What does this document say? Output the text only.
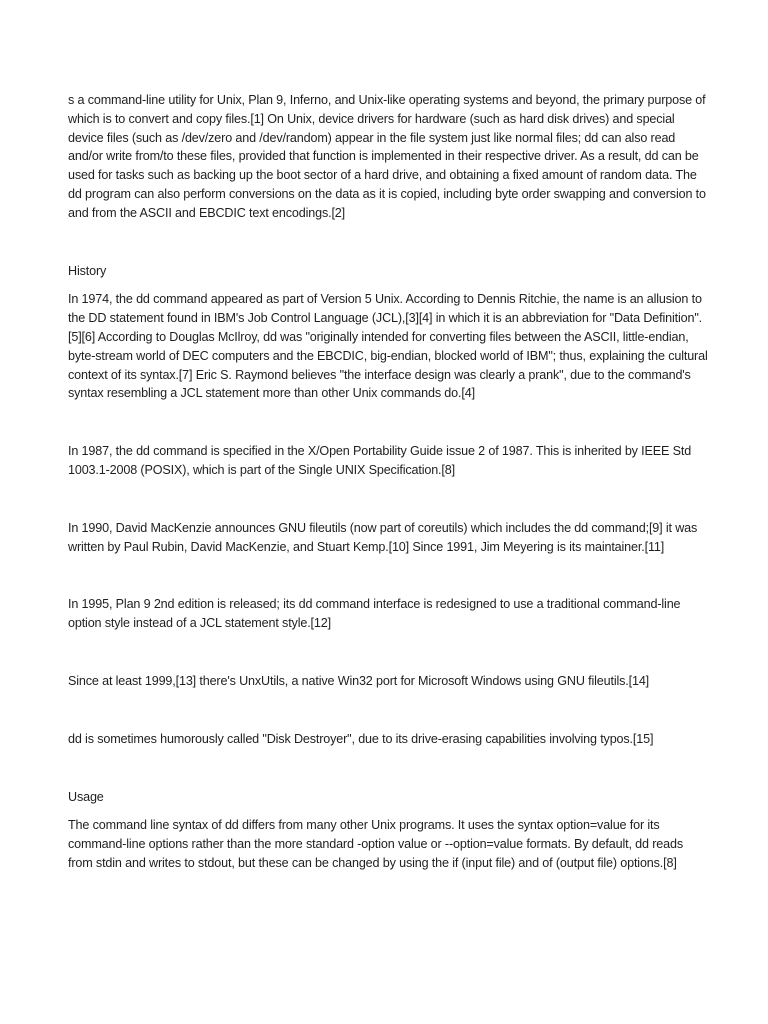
s a command-line utility for Unix, Plan 9, Inferno, and Unix-like operating systems and beyond, the primary purpose of which is to convert and copy files.[1] On Unix, device drivers for hardware (such as hard disk drives) and special device files (such as /dev/zero and /dev/random) appear in the file system just like normal files; dd can also read and/or write from/to these files, provided that function is implemented in their respective driver. As a result, dd can be used for tasks such as backing up the boot sector of a hard drive, and obtaining a fixed amount of random data. The dd program can also perform conversions on the data as it is copied, including byte order swapping and conversion to and from the ASCII and EBCDIC text encodings.[2]

History

In 1974, the dd command appeared as part of Version 5 Unix. According to Dennis Ritchie, the name is an allusion to the DD statement found in IBM's Job Control Language (JCL),[3][4] in which it is an abbreviation for "Data Definition".[5][6] According to Douglas McIlroy, dd was "originally intended for converting files between the ASCII, little-endian, byte-stream world of DEC computers and the EBCDIC, big-endian, blocked world of IBM"; thus, explaining the cultural context of its syntax.[7] Eric S. Raymond believes "the interface design was clearly a prank", due to the command's syntax resembling a JCL statement more than other Unix commands do.[4]

In 1987, the dd command is specified in the X/Open Portability Guide issue 2 of 1987. This is inherited by IEEE Std 1003.1-2008 (POSIX), which is part of the Single UNIX Specification.[8]

In 1990, David MacKenzie announces GNU fileutils (now part of coreutils) which includes the dd command;[9] it was written by Paul Rubin, David MacKenzie, and Stuart Kemp.[10] Since 1991, Jim Meyering is its maintainer.[11]

In 1995, Plan 9 2nd edition is released; its dd command interface is redesigned to use a traditional command-line option style instead of a JCL statement style.[12]

Since at least 1999,[13] there's UnxUtils, a native Win32 port for Microsoft Windows using GNU fileutils.[14]

dd is sometimes humorously called "Disk Destroyer", due to its drive-erasing capabilities involving typos.[15]

Usage

The command line syntax of dd differs from many other Unix programs. It uses the syntax option=value for its command-line options rather than the more standard -option value or --option=value formats. By default, dd reads from stdin and writes to stdout, but these can be changed by using the if (input file) and of (output file) options.[8]
